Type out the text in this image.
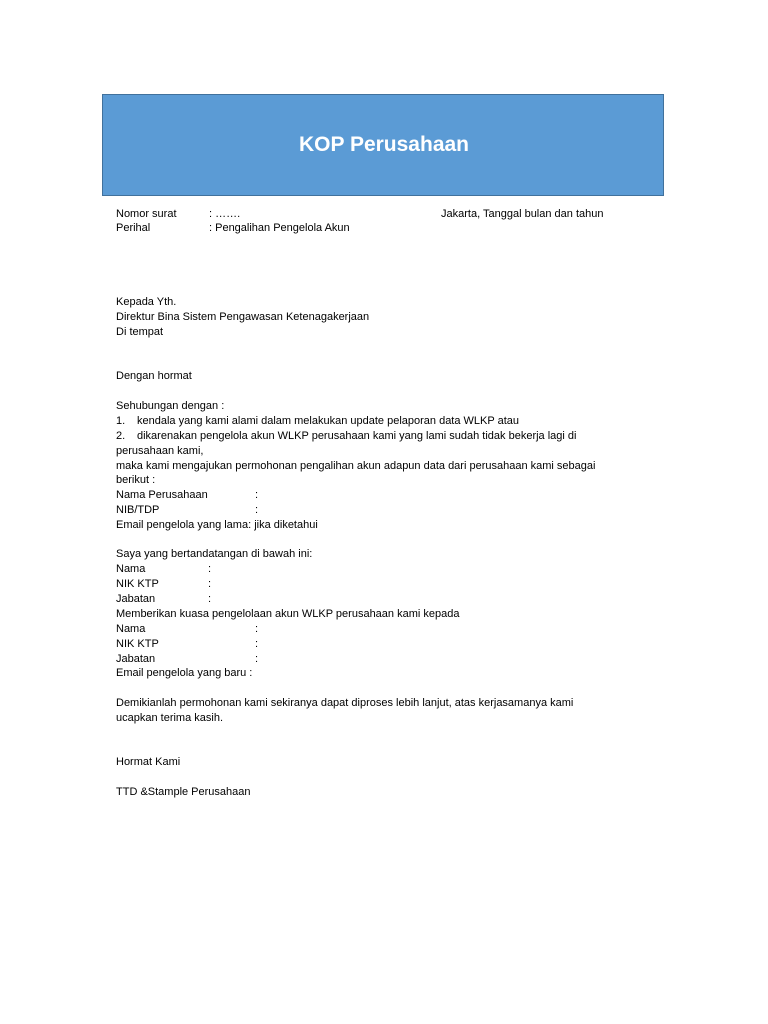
KOP Perusahaan
Nomor surat	: …….	Jakarta, Tanggal bulan dan tahun
Perihal	: Pengalihan Pengelola Akun
Kepada Yth.
Direktur Bina Sistem Pengawasan Ketenagakerjaan
Di tempat
Dengan hormat
Sehubungan dengan :
1. kendala yang kami alami dalam melakukan update pelaporan data WLKP atau
2. dikarenakan pengelola akun WLKP perusahaan kami yang lami sudah tidak bekerja lagi di
perusahaan kami,
maka kami mengajukan permohonan pengalihan akun adapun data dari perusahaan kami sebagai
berikut :
Nama Perusahaan	:
NIB/TDP	:
Email pengelola yang lama: jika diketahui
Saya yang bertandatangan di bawah ini:
Nama	:
NIK KTP	:
Jabatan	:
Memberikan kuasa pengelolaan akun WLKP perusahaan kami kepada
Nama	:
NIK KTP	:
Jabatan	:
Email pengelola yang baru :
Demikianlah permohonan kami sekiranya dapat diproses lebih lanjut, atas kerjasamanya kami
ucapkan terima kasih.
Hormat Kami
TTD &Stample Perusahaan
